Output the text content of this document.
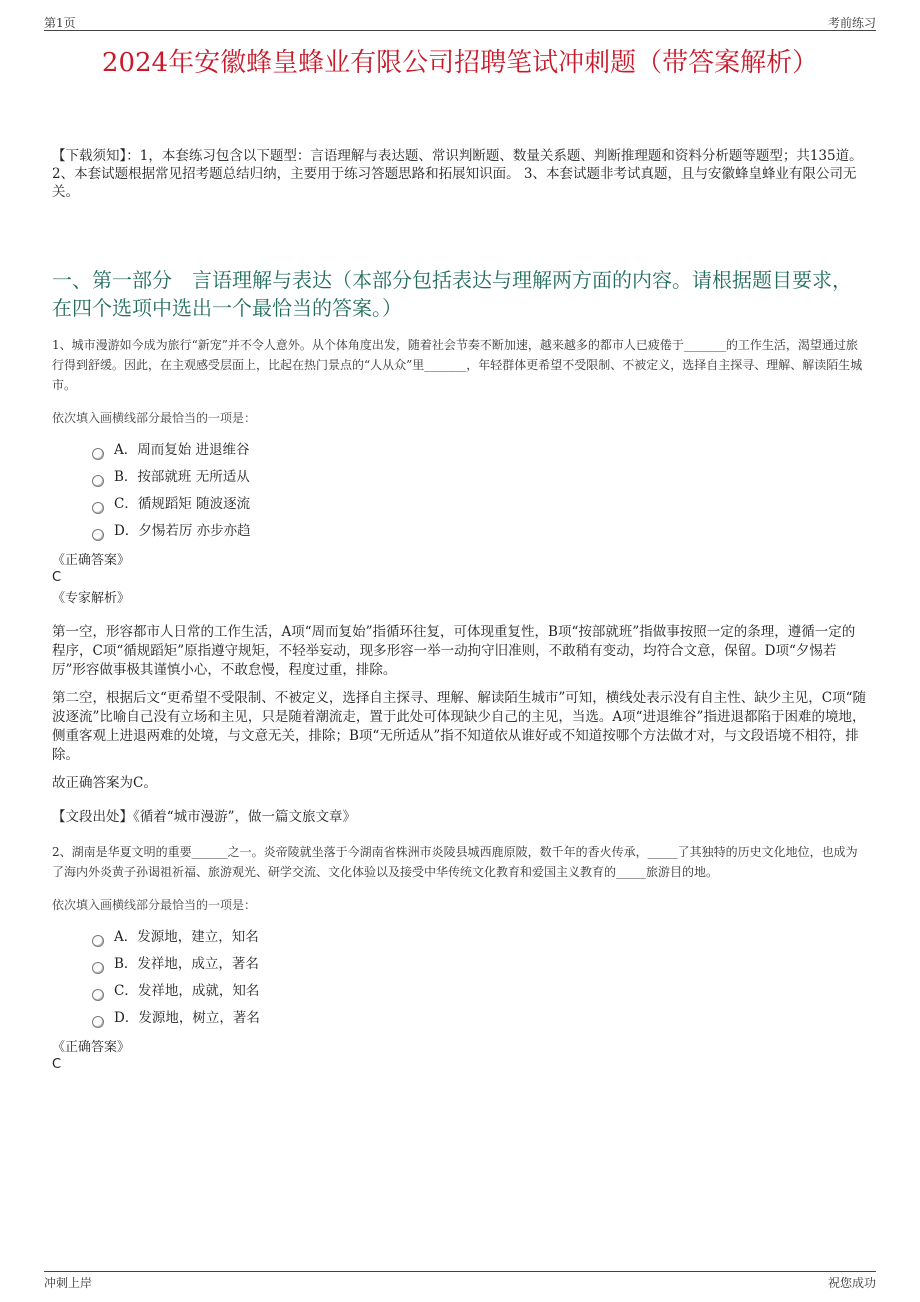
第1页	考前练习
2024年安徽蜂皇蜂业有限公司招聘笔试冲刺题（带答案解析）
【下载须知】：1，本套练习包含以下题型：言语理解与表达题、常识判断题、数量关系题、判断推理题和资料分析题等题型；共135道。 2、本套试题根据常见招考题总结归纳，主要用于练习答题思路和拓展知识面。 3、本套试题非考试真题，且与安徽蜂皇蜂业有限公司无关。
一、第一部分　言语理解与表达（本部分包括表达与理解两方面的内容。请根据题目要求，在四个选项中选出一个最恰当的答案。）
1、城市漫游如今成为旅行“新宠”并不令人意外。从个体角度出发，随着社会节奏不断加速，越来越多的都市人已疲倦于_______的工作生活，渴望通过旅行得到舒缓。因此，在主观感受层面上，比起在热门景点的“人从众”里_______，年轻群体更希望不受限制、不被定义，选择自主探寻、理解、解读陌生城市。
依次填入画横线部分最恰当的一项是：
A．周而复始 进退维谷
B．按部就班 无所适从
C．循规蹈矩 随波逐流
D．夕惕若厉 亦步亦趋
《正确答案》
C
《专家解析》
第一空，形容都市人日常的工作生活，A项“周而复始”指循环往复，可体现重复性，B项“按部就班”指做事按照一定的条理，遵循一定的程序，C项“循规蹈矩”原指遵守规矩，不轻举妄动，现多形容一举一动拘守旧准则，不敢稍有变动，均符合文意，保留。D项“夕惕若厉”形容做事极其谨慎小心，不敢怠慢，程度过重，排除。
第二空，根据后文“更希望不受限制、不被定义，选择自主探寻、理解、解读陌生城市”可知，横线处表示没有自主性、缺少主见，C项“随波逐流”比喻自己没有立场和主见，只是随着潮流走，置于此处可体现缺少自己的主见，当选。A项“进退维谷”指进退都陷于困难的境地，侧重客观上进退两难的处境，与文意无关，排除；B项“无所适从”指不知道依从谁好或不知道按哪个方法做才对，与文段语境不相符，排除。
故正确答案为C。
【文段出处】《循着“城市漫游”，做一篇文旅文章》
2、湖南是华夏文明的重要______之一。炎帝陵就坐落于今湖南省株洲市炎陵县城西鹿原陂，数千年的香火传承，_____了其独特的历史文化地位，也成为了海内外炎黄子孙谒祖祈福、旅游观光、研学交流、文化体验以及接受中华传统文化教育和爱国主义教育的_____旅游目的地。
依次填入画横线部分最恰当的一项是：
A．发源地，建立，知名
B．发祥地，成立，著名
C．发祥地，成就，知名
D．发源地，树立，著名
《正确答案》
C
冲刺上岸	祝您成功
